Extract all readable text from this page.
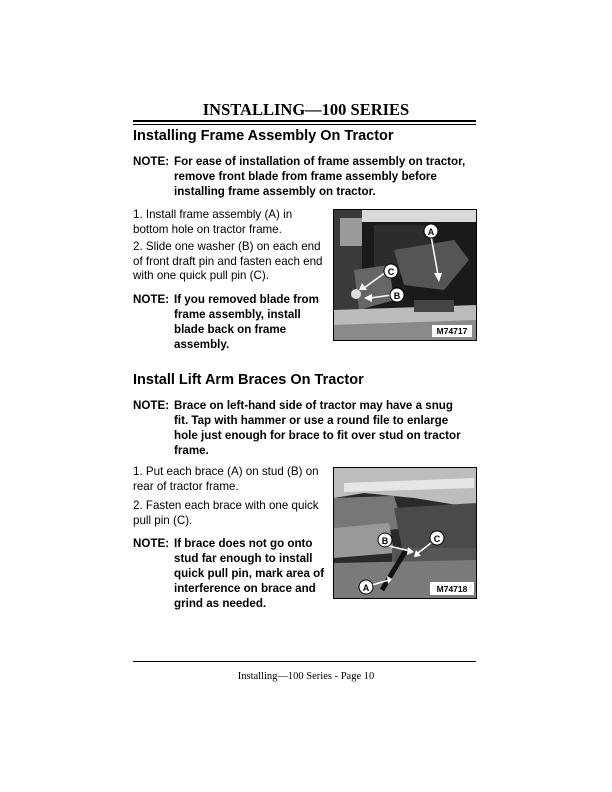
INSTALLING—100 SERIES
Installing Frame Assembly On Tractor
NOTE: For ease of installation of frame assembly on tractor,
remove front blade from frame assembly before
installing frame assembly on tractor.
1. Install frame assembly (A) in
bottom hole on tractor frame.
2. Slide one washer (B) on each end
of front draft pin and fasten each end
with one quick pull pin (C).
NOTE: If you removed blade from
frame assembly, install
blade back on frame
assembly.
A
C
B
M74717
Install Lift Arm Braces On Tractor
NOTE: Brace on left-hand side of tractor may have a snug
fit. Tap with hammer or use a round file to enlarge
hole just enough for brace to fit over stud on tractor
frame.
1. Put each brace (A) on stud (B) on
rear of tractor frame.
2. Fasten each brace with one quick
pull pin (C).
NOTE: If brace does not go onto
stud far enough to install
quick pull pin, mark area of
interference on brace and
grind as needed.
B	C
A	M74718
Installing—100 Series - Page 10
